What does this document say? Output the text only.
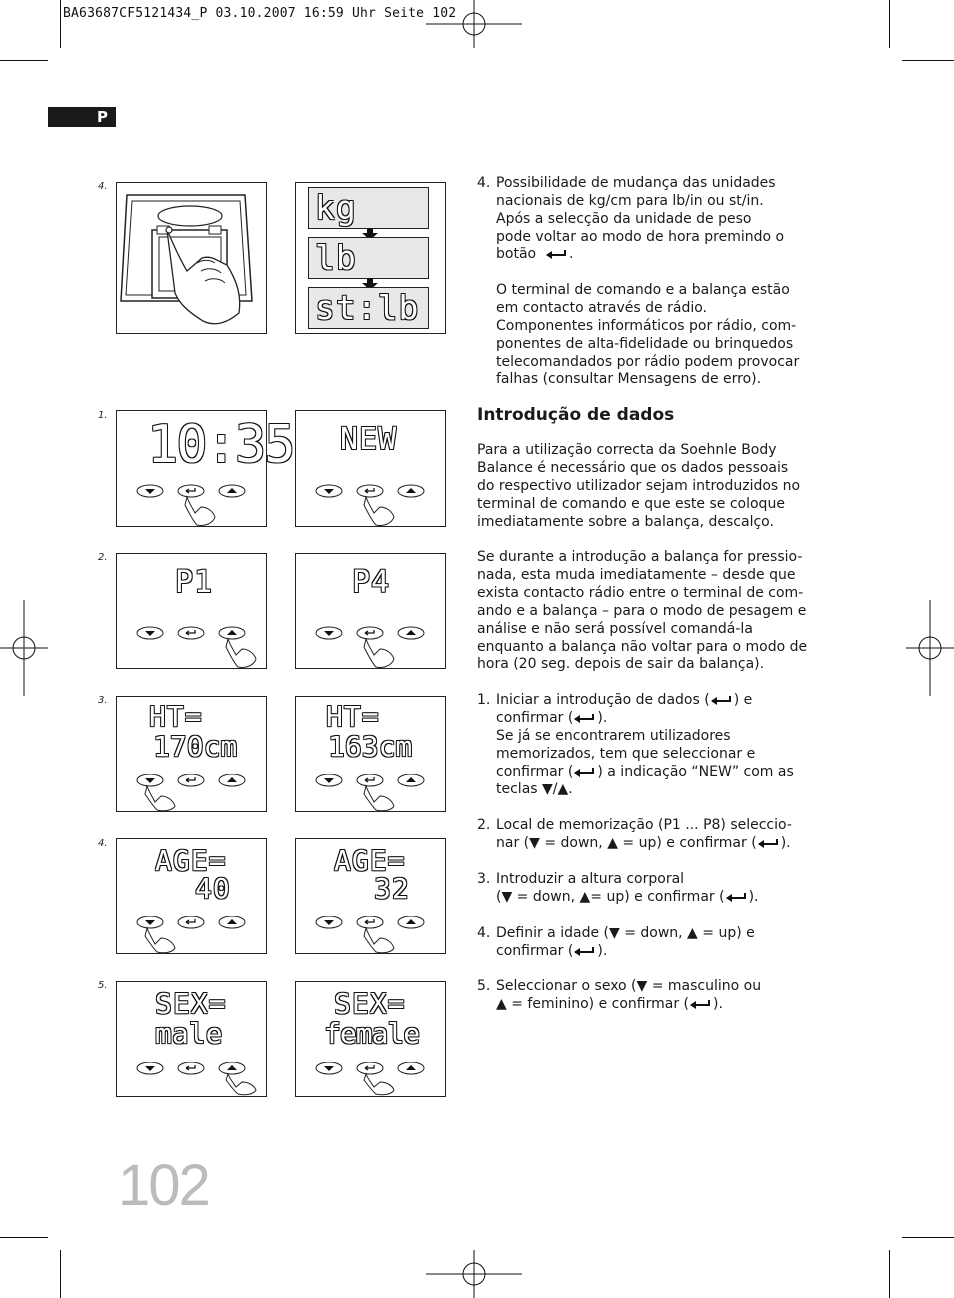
BA63687CF5121434_P 03.10.2007 16:59 Uhr Seite 102
P
4.
1.
2.
3.
4.
5.
kg
lb
st:lb
10:35 NEW
P1	P4
HT=
170cm
HT=
163cm
AGE=
40
AGE=
32
SEX=
male
SEX=
female
4. Possibilidade de mudança das unidades

nacionais de kg/cm para lb/in ou st/in.

Após a selecção da unidade de peso

pode voltar ao modo de hora premindo o

botão .

O terminal de comando e a balança estão

em contacto através de rádio.

Componentes informáticos por rádio, com-

ponentes de alta-fidelidade ou brinquedos

telecomandados por rádio podem provocar

falhas (consultar Mensagens de erro).

Introdução de dados

Para a utilização correcta da Soehnle Body

Balance é necessário que os dados pessoais

do respectivo utilizador sejam introduzidos no

terminal de comando e que este se coloque

imediatamente sobre a balança, descalço.

Se durante a introdução a balança for pressio-

nada, esta muda imediatamente – desde que

exista contacto rádio entre o terminal de com-

ando e a balança – para o modo de pesagem e

análise e não será possível comandá-la

enquanto a balança não voltar para o modo de

hora (20 seg. depois de sair da balança).

1. Iniciar a introdução de dados ( ) e

confirmar ( ).

Se já se encontrarem utilizadores

memorizados, tem que seleccionar e

confirmar ( ) a indicação “NEW” com as

teclas ▼/▲.

2. Local de memorização (P1 ... P8) seleccio-

nar (▼ = down, ▲ = up) e confirmar ( ).

3. Introduzir a altura corporal

(▼ = down, ▲= up) e confirmar ( ).

4. Definir a idade (▼ = down, ▲ = up) e

confirmar ( ).

5. Seleccionar o sexo (▼ = masculino ou

▲ = feminino) e confirmar ( ).

102
